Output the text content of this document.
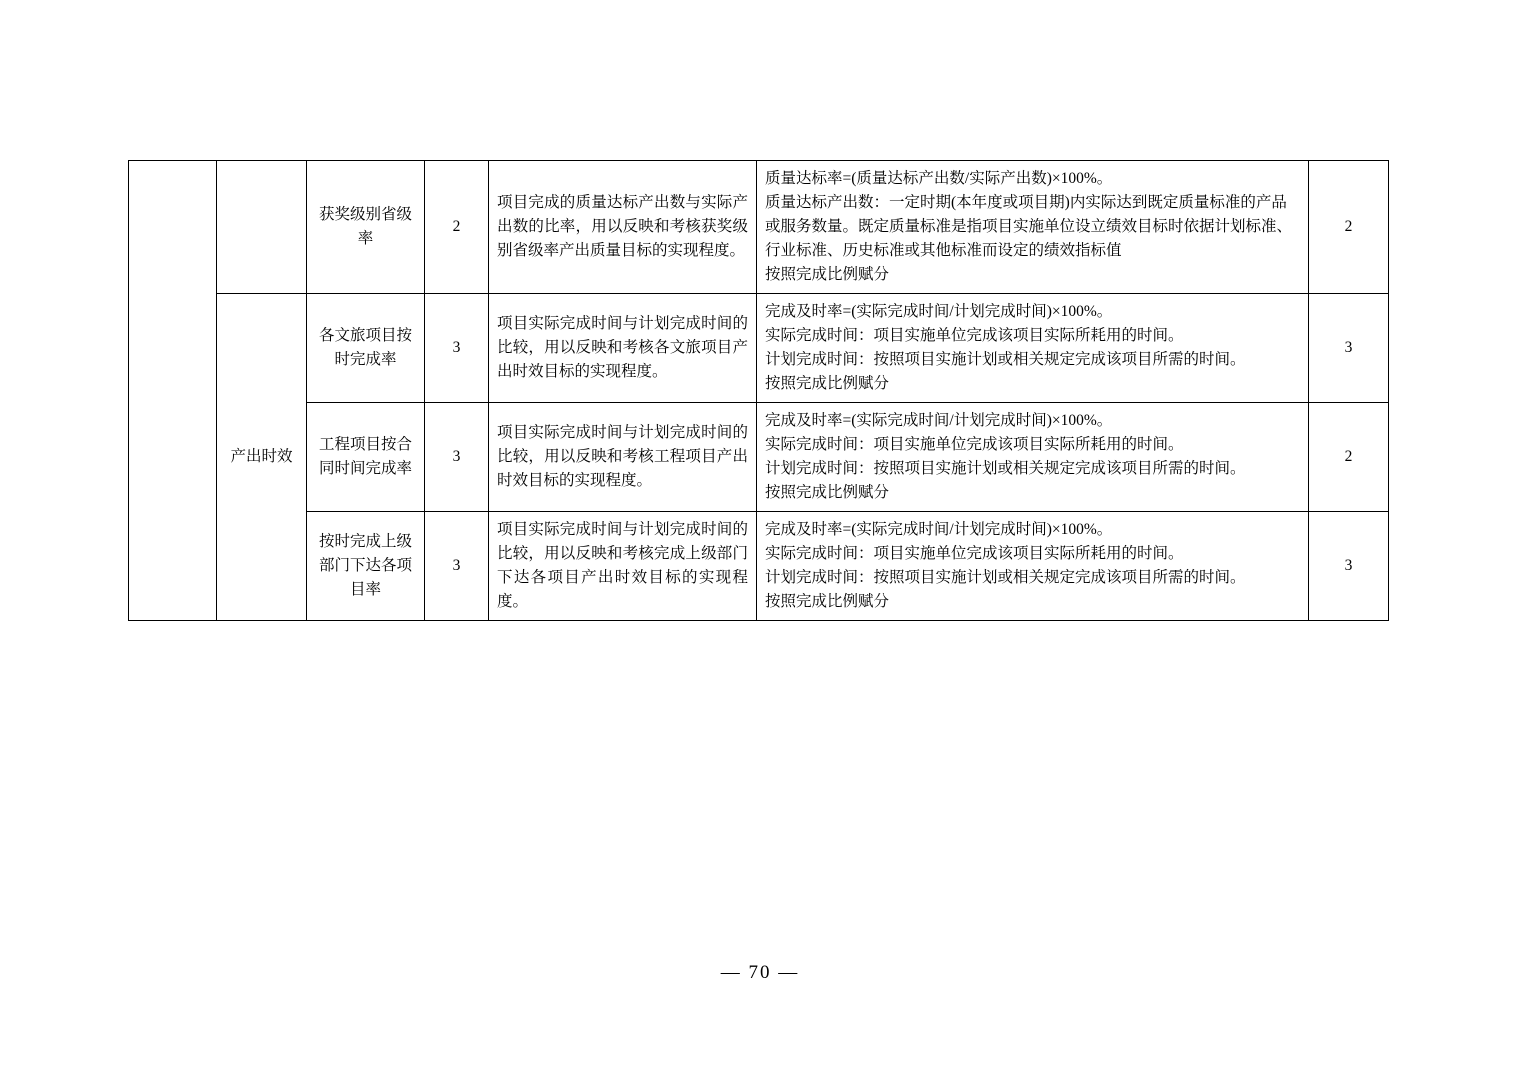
		获奖级别省级率	2	项目完成的质量达标产出数与实际产出数的比率，用以反映和考核获奖级别省级率产出质量目标的实现程度。	质量达标率=(质量达标产出数/实际产出数)×100%。
质量达标产出数：一定时期(本年度或项目期)内实际达到既定质量标准的产品或服务数量。既定质量标准是指项目实施单位设立绩效目标时依据计划标准、行业标准、历史标准或其他标准而设定的绩效指标值
按照完成比例赋分	2
	产出时效	各文旅项目按时完成率	3	项目实际完成时间与计划完成时间的比较，用以反映和考核各文旅项目产出时效目标的实现程度。	完成及时率=(实际完成时间/计划完成时间)×100%。
实际完成时间：项目实施单位完成该项目实际所耗用的时间。
计划完成时间：按照项目实施计划或相关规定完成该项目所需的时间。
按照完成比例赋分	3
		工程项目按合同时间完成率	3	项目实际完成时间与计划完成时间的比较，用以反映和考核工程项目产出时效目标的实现程度。	完成及时率=(实际完成时间/计划完成时间)×100%。
实际完成时间：项目实施单位完成该项目实际所耗用的时间。
计划完成时间：按照项目实施计划或相关规定完成该项目所需的时间。
按照完成比例赋分	2
		按时完成上级部门下达各项目率	3	项目实际完成时间与计划完成时间的比较，用以反映和考核完成上级部门下达各项目产出时效目标的实现程度。	完成及时率=(实际完成时间/计划完成时间)×100%。
实际完成时间：项目实施单位完成该项目实际所耗用的时间。
计划完成时间：按照项目实施计划或相关规定完成该项目所需的时间。
按照完成比例赋分	3
— 70 —
